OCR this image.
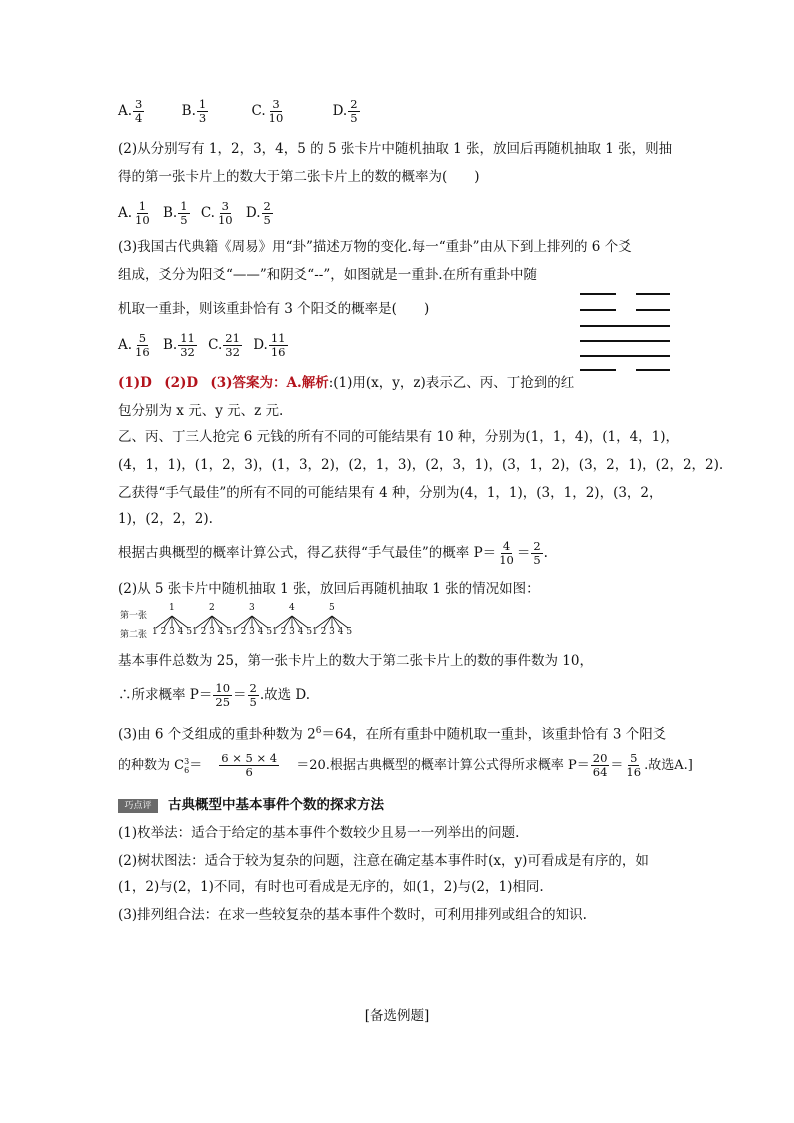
A. $\frac{3}{4}$	B. $\frac{1}{3}$	C. $\frac{3}{10}$	D. $\frac{2}{5}$
(2)从分别写有 1，2，3，4，5 的 5 张卡片中随机抽取 1 张，放回后再随机抽取 1 张，则抽
得的第一张卡片上的数大于第二张卡片上的数的概率为(　　)
A. $\frac{1}{10} B$. $\frac{1}{5} C$. $\frac{3}{10} D$. $\frac{2}{5}$
(3)我国古代典籍《周易》用“卦”描述万物的变化.每一“重卦”由从下到上排列的 6 个爻
组成，爻分为阳爻“——”和阴爻“--”，如图就是一重卦.在所有重卦中随
机取一重卦，则该重卦恰有 3 个阳爻的概率是(　　)
A. $\frac{5}{16} B$. $\frac{11}{32} C$. $\frac{21}{32} D$. $\frac{11}{16}$
(1)D (2)D (3)答案为：A.解析:(1)用(x，y，z)表示乙、丙、丁抢到的红
包分别为 x 元、y 元、z 元.
乙、丙、丁三人抢完 6 元钱的所有不同的可能结果有 10 种，分别为(1，1，4)，(1，4，1)，
(4，1，1)，(1，2，3)，(1，3，2)，(2，1，3)，(2，3，1)，(3，1，2)，(3，2，1)，(2，2，2).
乙获得“手气最佳”的所有不同的可能结果有 4 种，分别为(4，1，1)，(3，1，2)，(3，2，
1)，(2，2，2).
根据古典概型的概率计算公式，得乙获得“手气最佳”的概率 $P= \frac{4}{10} = \frac{2}{5}$ .
(2)从 5 张卡片中随机抽取 1 张，放回后再随机抽取 1 张的情况如图：
第一张
第二张
1	2	3	4	5
1 2 3 4 5 1 2 3 4 5 1 2 3 4 5 1 2 3 4 5 1 2 3 4 5
基本事件总数为 25，第一张卡片上的数大于第二张卡片上的数的事件数为 10，
∴所求概率 $P= \frac{10}{25} = \frac{2}{5}$ .故选 D.
(3)由 6 个爻组成的重卦种数为 $2^6=64$，在所有重卦中随机取一重卦，该重卦恰有 3 个阳爻
的种数为 C 3
$6 = \frac{6 \times 5 \times 4}{6} =20$.根据古典概型的概率计算公式得所求概率 $P= \frac{20}{64} = \frac{5}{16}$ .故选A.]
巧点评 古典概型中基本事件个数的探求方法
(1)枚举法：适合于给定的基本事件个数较少且易一一列举出的问题.
(2)树状图法：适合于较为复杂的问题，注意在确定基本事件时(x，y)可看成是有序的，如
(1，2)与(2，1)不同，有时也可看成是无序的，如(1，2)与(2，1)相同.
(3)排列组合法：在求一些较复杂的基本事件个数时，可利用排列或组合的知识.
[备选例题]
